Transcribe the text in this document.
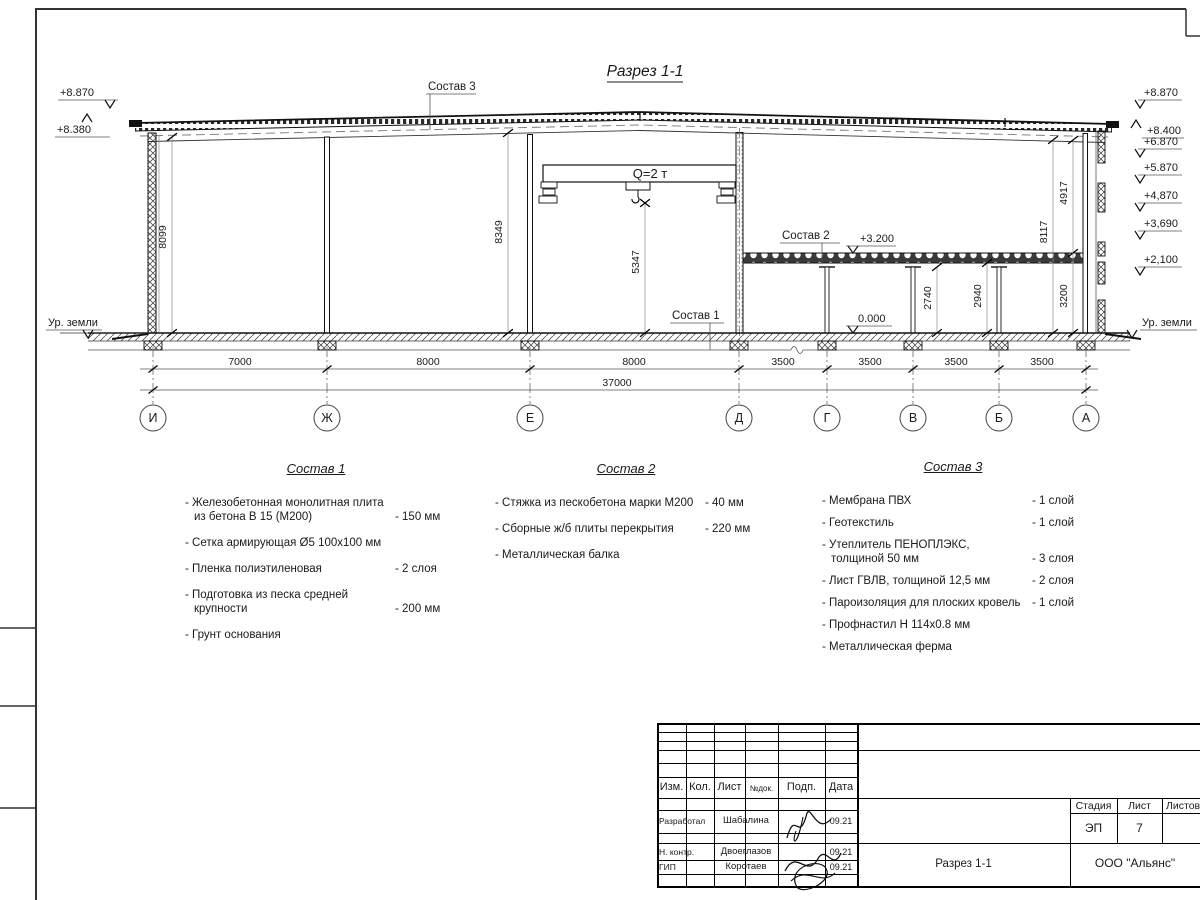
Разрез 1-1
Q=2 т
8099	8349
5347
8117
4917
3200
2740	2940
+8.870
+8.380
+8.870
+8.400
+6.870
+5.870
+4,870
+3,690
+2,100
+3.200
0.000
Ур. земли	Ур. земли
Состав 3
Состав 2
Состав 1
7000	8000	8000	3500	3500	3500	3500
37000
И	Ж	Е	Д	Г	В	Б	А
Состав 1
- Железобетонная монолитная плита
из бетона В 15 (М200)	- 150 мм
- Сетка армирующая Ø5 100х100 мм
- Пленка полиэтиленовая	- 2 слоя
- Подготовка из песка средней
крупности	- 200 мм
- Грунт основания
Состав 2
- Стяжка из пескобетона марки М200	- 40 мм
- Сборные ж/б плиты перекрытия	- 220 мм
- Металлическая балка
Состав 3
- Мембрана ПВХ	- 1 слой
- Геотекстиль	- 1 слой
- Утеплитель ПЕНОПЛЭКС,
толщиной 50 мм	- 3 слоя
- Лист ГВЛВ, толщиной 12,5 мм	- 2 слоя
- Пароизоляция для плоских кровель - 1 слой
- Профнастил Н 114х0.8 мм
- Металлическая ферма
Изм. Кол. Лист	№док.	Подп.	Дата
Разработал	Шабалина	09.21
Н. контр.	Двоеглазов	09.21
ГИП	Коротаев	09.21
Стадия	Лист	Листов
ЭП	7
Разрез 1-1	ООО "Альянс"
